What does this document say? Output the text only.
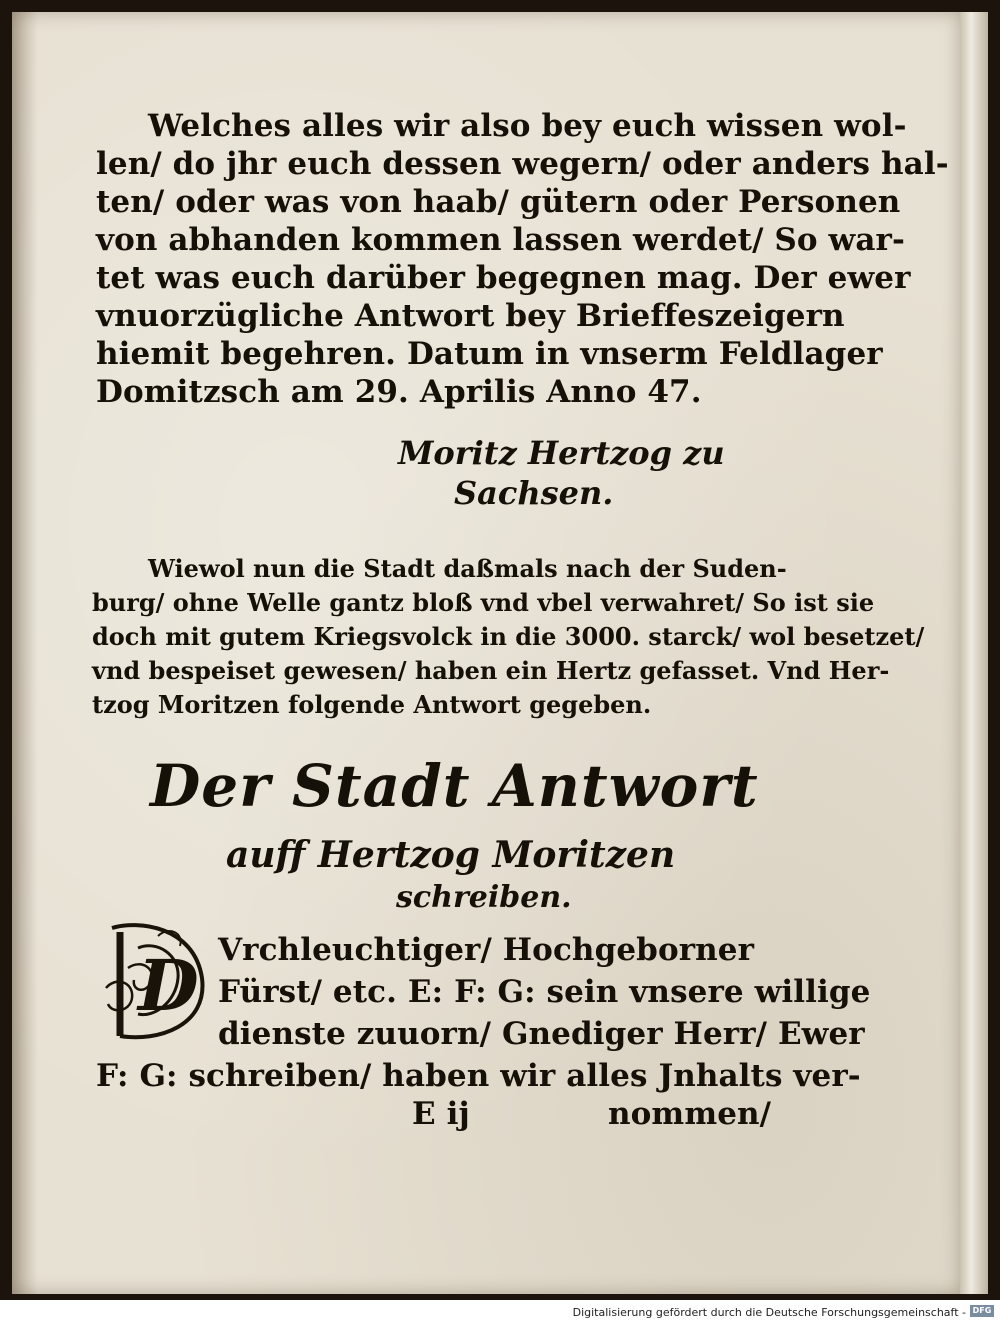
Welches alles wir also bey euch wissen wol-
len/ do jhr euch dessen wegern/ oder anders hal-
ten/ oder was von haab/ gütern oder Personen
von abhanden kommen lassen werdet/ So war-
tet was euch darüber begegnen mag. Der ewer
vnuorzügliche Antwort bey Brieffeszeigern
hiemit begehren. Datum in vnserm Feldlager
Domitzsch am 29. Aprilis Anno 47.
Moritz Hertzog zu
Sachsen.
Wiewol nun die Stadt daßmals nach der Suden-
burg/ ohne Welle gantz bloß vnd vbel verwahret/ So ist sie
doch mit gutem Kriegsvolck in die 3000. starck/ wol besetzet/
vnd bespeiset gewesen/ haben ein Hertz gefasset. Vnd Her-
tzog Moritzen folgende Antwort gegeben.
Der Stadt Antwort
auff Hertzog Moritzen
schreiben.
Vrchleuchtiger/ Hochgeborner
Fürst/ etc. E: F: G: sein vnsere willige
dienste zuuorn/ Gnediger Herr/ Ewer
F: G: schreiben/ haben wir alles Jnhalts ver-
E ij	nommen/
D
Digitalisierung gefördert durch die Deutsche Forschungsgemeinschaft - DFG
